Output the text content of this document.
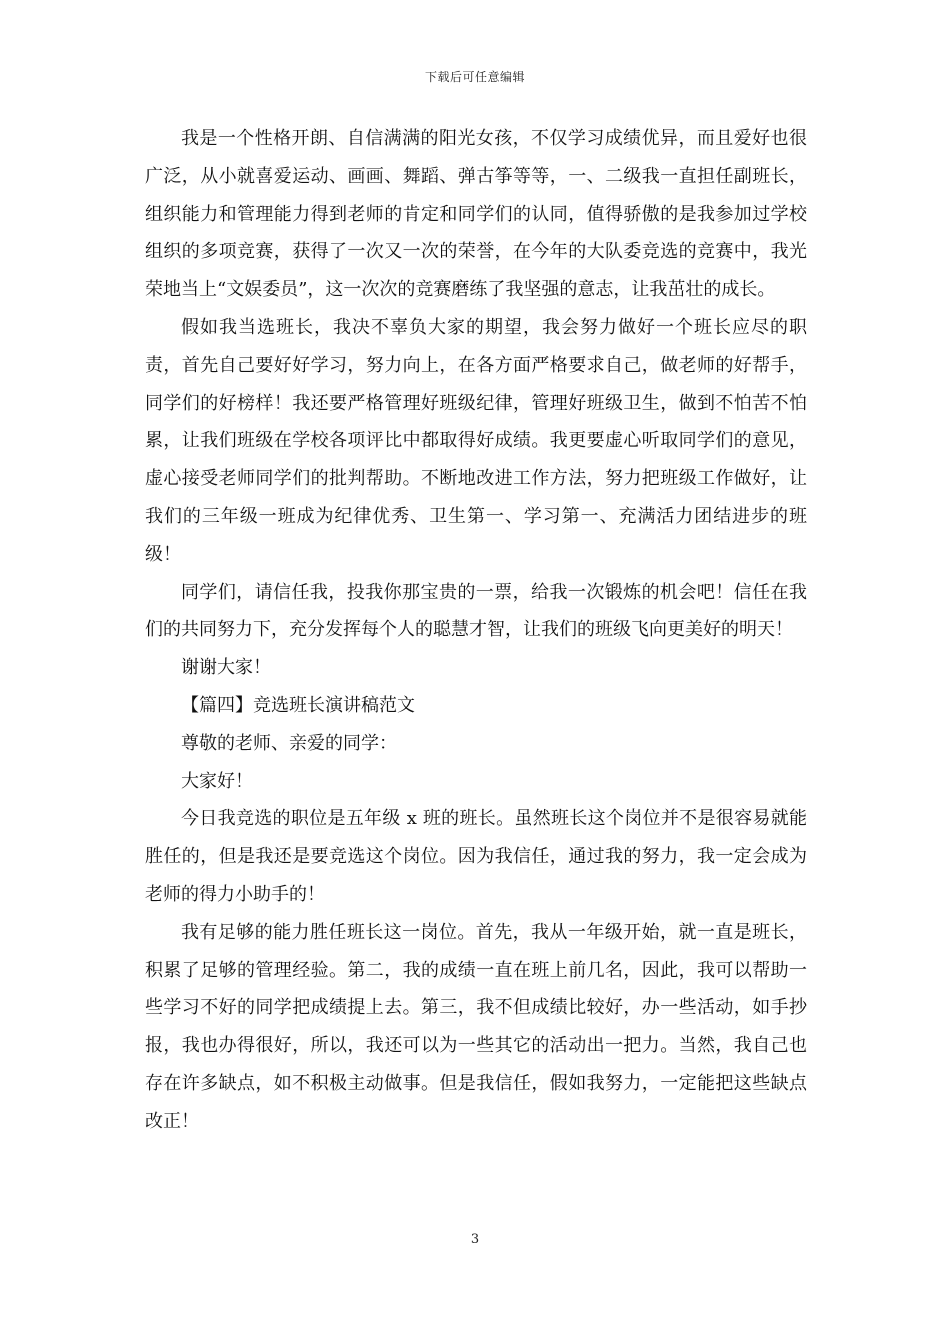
下载后可任意编辑

我是一个性格开朗、自信满满的阳光女孩，不仅学习成绩优异，而且爱好也很广泛，从小就喜爱运动、画画、舞蹈、弹古筝等等，一、二级我一直担任副班长，组织能力和管理能力得到老师的肯定和同学们的认同，值得骄傲的是我参加过学校组织的多项竞赛，获得了一次又一次的荣誉，在今年的大队委竞选的竞赛中，我光荣地当上“文娱委员”，这一次次的竞赛磨练了我坚强的意志，让我茁壮的成长。

假如我当选班长，我决不辜负大家的期望，我会努力做好一个班长应尽的职责，首先自己要好好学习，努力向上，在各方面严格要求自己，做老师的好帮手，同学们的好榜样！我还要严格管理好班级纪律，管理好班级卫生，做到不怕苦不怕累，让我们班级在学校各项评比中都取得好成绩。我更要虚心听取同学们的意见，虚心接受老师同学们的批判帮助。不断地改进工作方法，努力把班级工作做好，让我们的三年级一班成为纪律优秀、卫生第一、学习第一、充满活力团结进步的班级！

同学们，请信任我，投我你那宝贵的一票，给我一次锻炼的机会吧！信任在我们的共同努力下，充分发挥每个人的聪慧才智，让我们的班级飞向更美好的明天！

谢谢大家！

【篇四】竞选班长演讲稿范文

尊敬的老师、亲爱的同学：

大家好！

今日我竞选的职位是五年级 x 班的班长。虽然班长这个岗位并不是很容易就能胜任的，但是我还是要竞选这个岗位。因为我信任，通过我的努力，我一定会成为老师的得力小助手的！

我有足够的能力胜任班长这一岗位。首先，我从一年级开始，就一直是班长，积累了足够的管理经验。第二，我的成绩一直在班上前几名，因此，我可以帮助一些学习不好的同学把成绩提上去。第三，我不但成绩比较好，办一些活动，如手抄报，我也办得很好，所以，我还可以为一些其它的活动出一把力。当然，我自己也存在许多缺点，如不积极主动做事。但是我信任，假如我努力，一定能把这些缺点改正！

3
